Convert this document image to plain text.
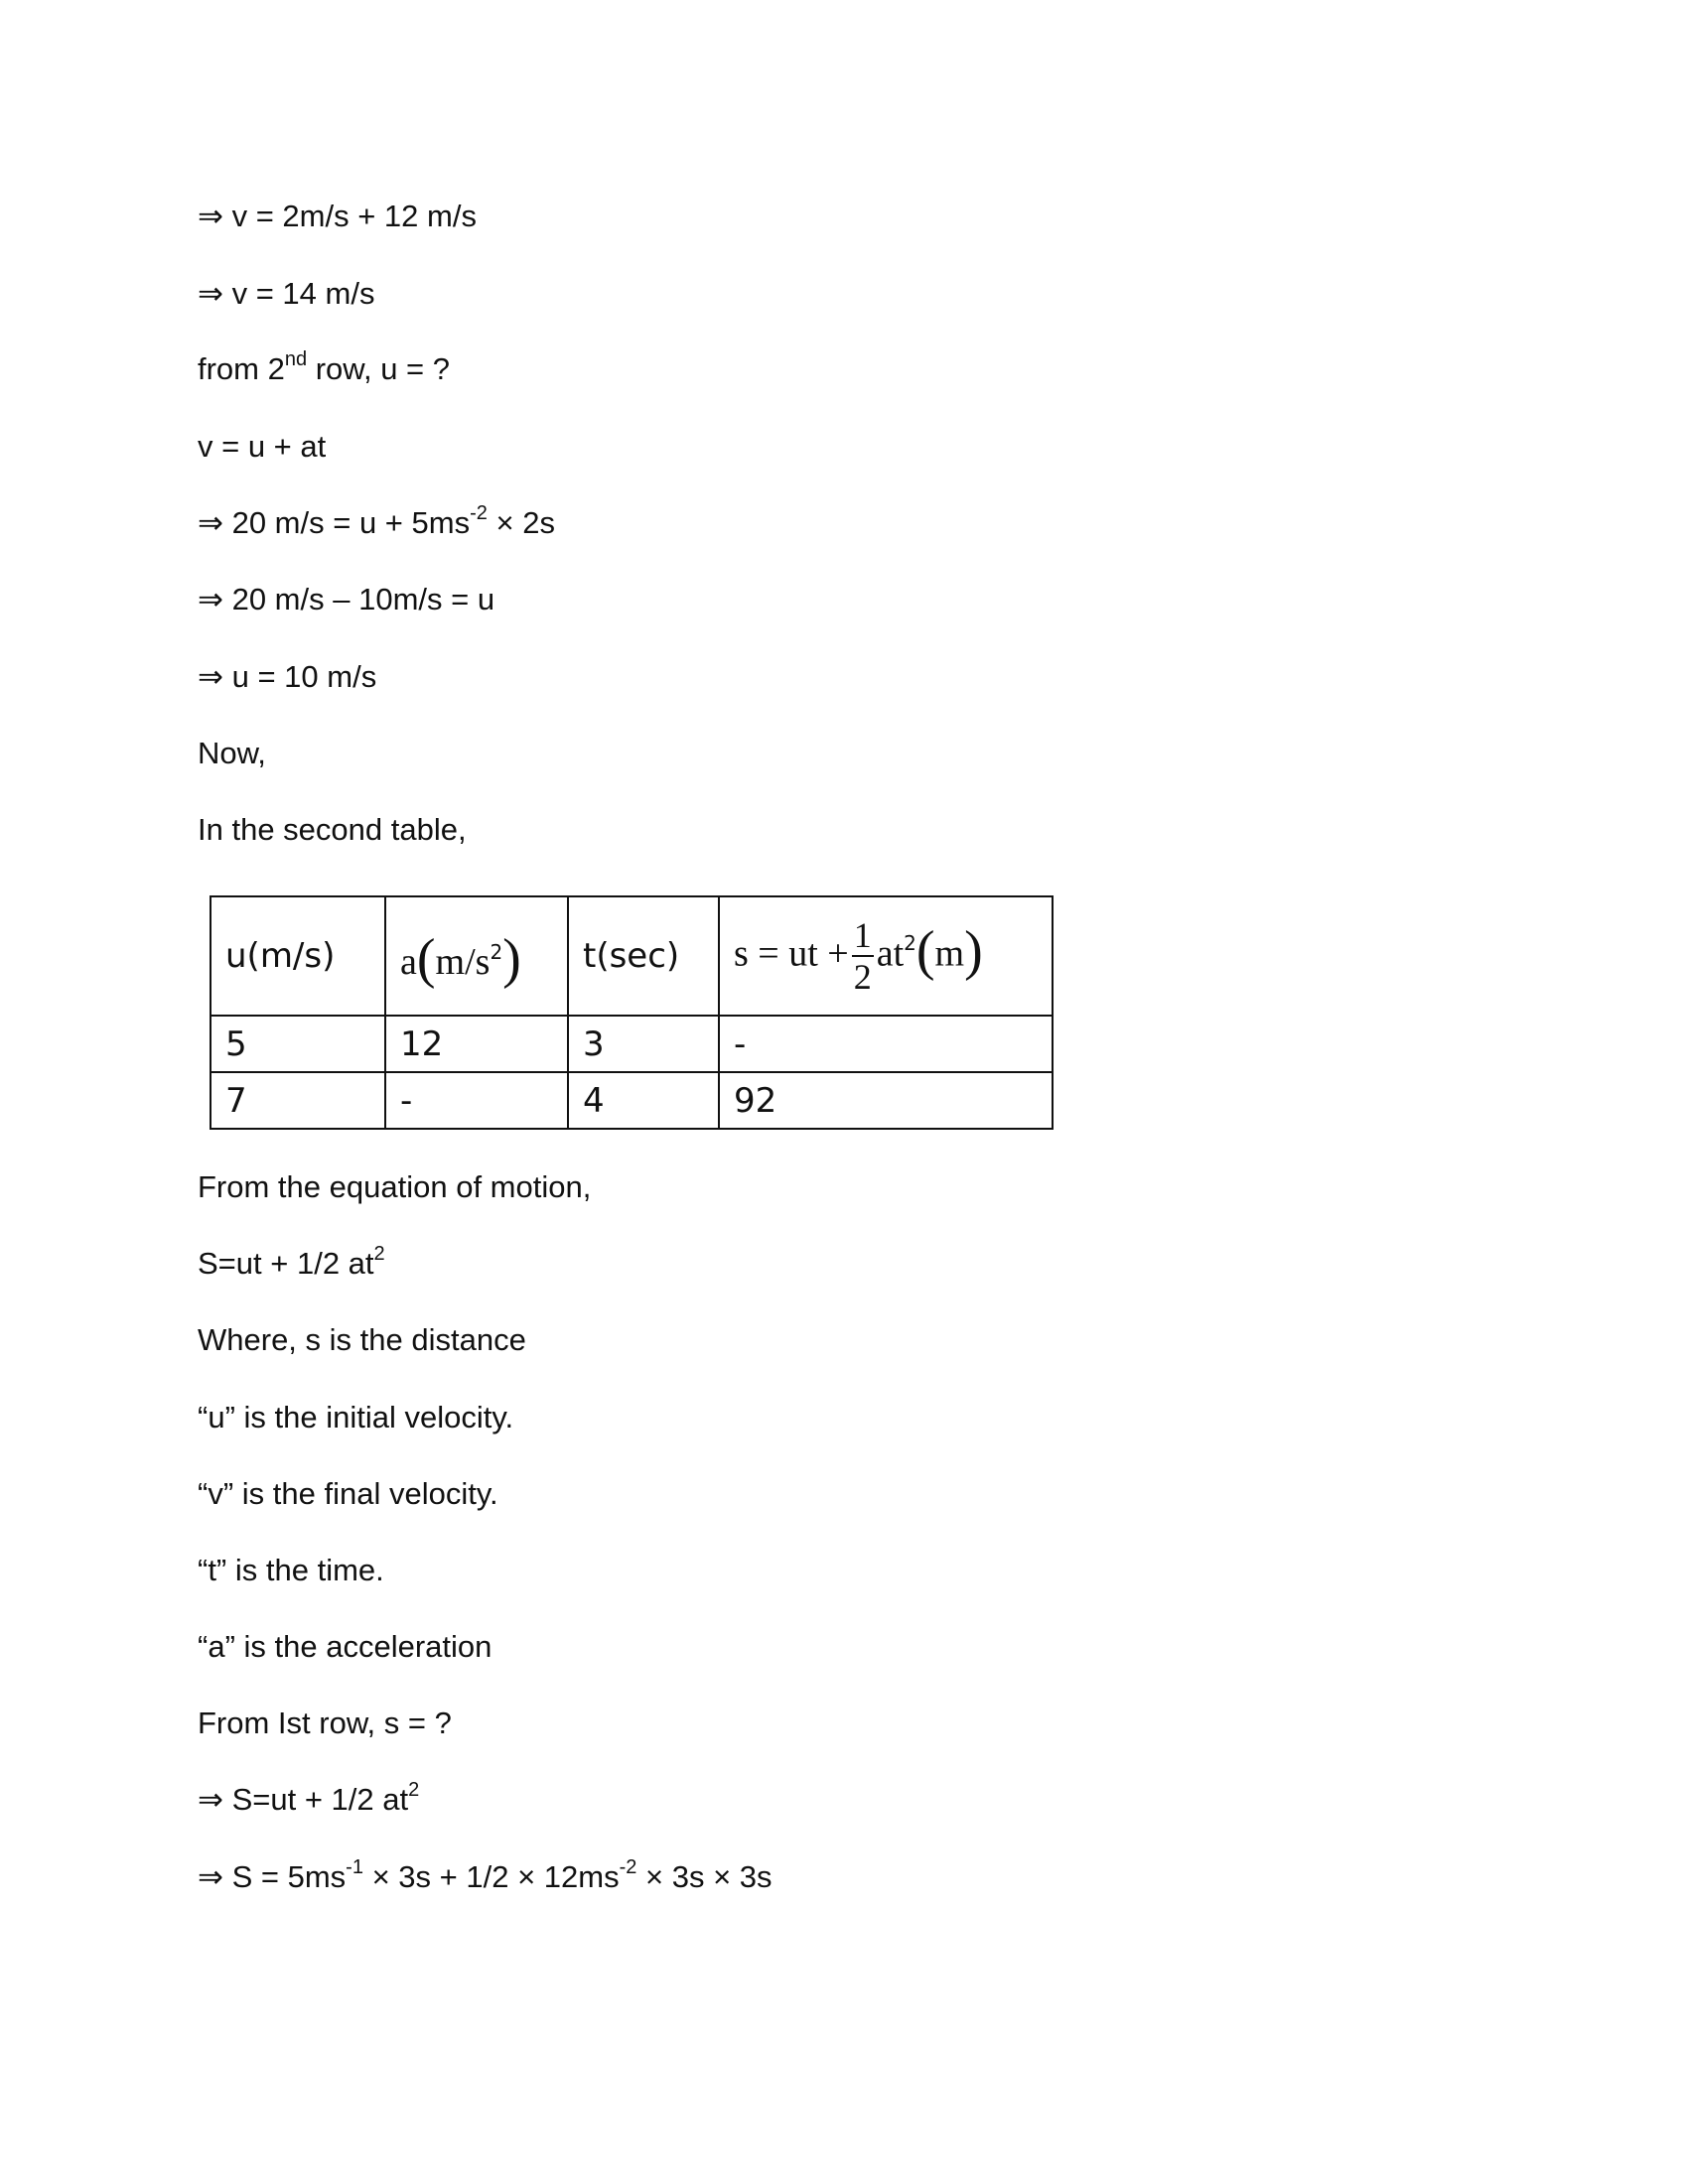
⇒ v = 2m/s + 12 m/s
⇒ v = 14 m/s
from 2nd row, u = ?
v = u + at
⇒ 20 $m/s = u + 5ms^{-2} \times 2s$
⇒ 20 m/s – 10m/s = u
⇒ u = 10 m/s
Now,
In the second table,
u(m/s)	$a(m/s^2)$	t(sec)	s = ut + $\frac{1}{2} at^2(m)$
5	12	3	-
7	-	4	92
From the equation of motion,
S=ut + 1/2 $at^2$
Where, s is the distance
“u” is the initial velocity.
“v” is the final velocity.
“t” is the time.
“a” is the acceleration
From Ist row, s = ?
⇒ S=ut + 1/2 $at^2$
⇒ $S = 5ms^{-1} \times 3s + 1/2 \times 12ms^{-2} \times 3s \times 3s$
